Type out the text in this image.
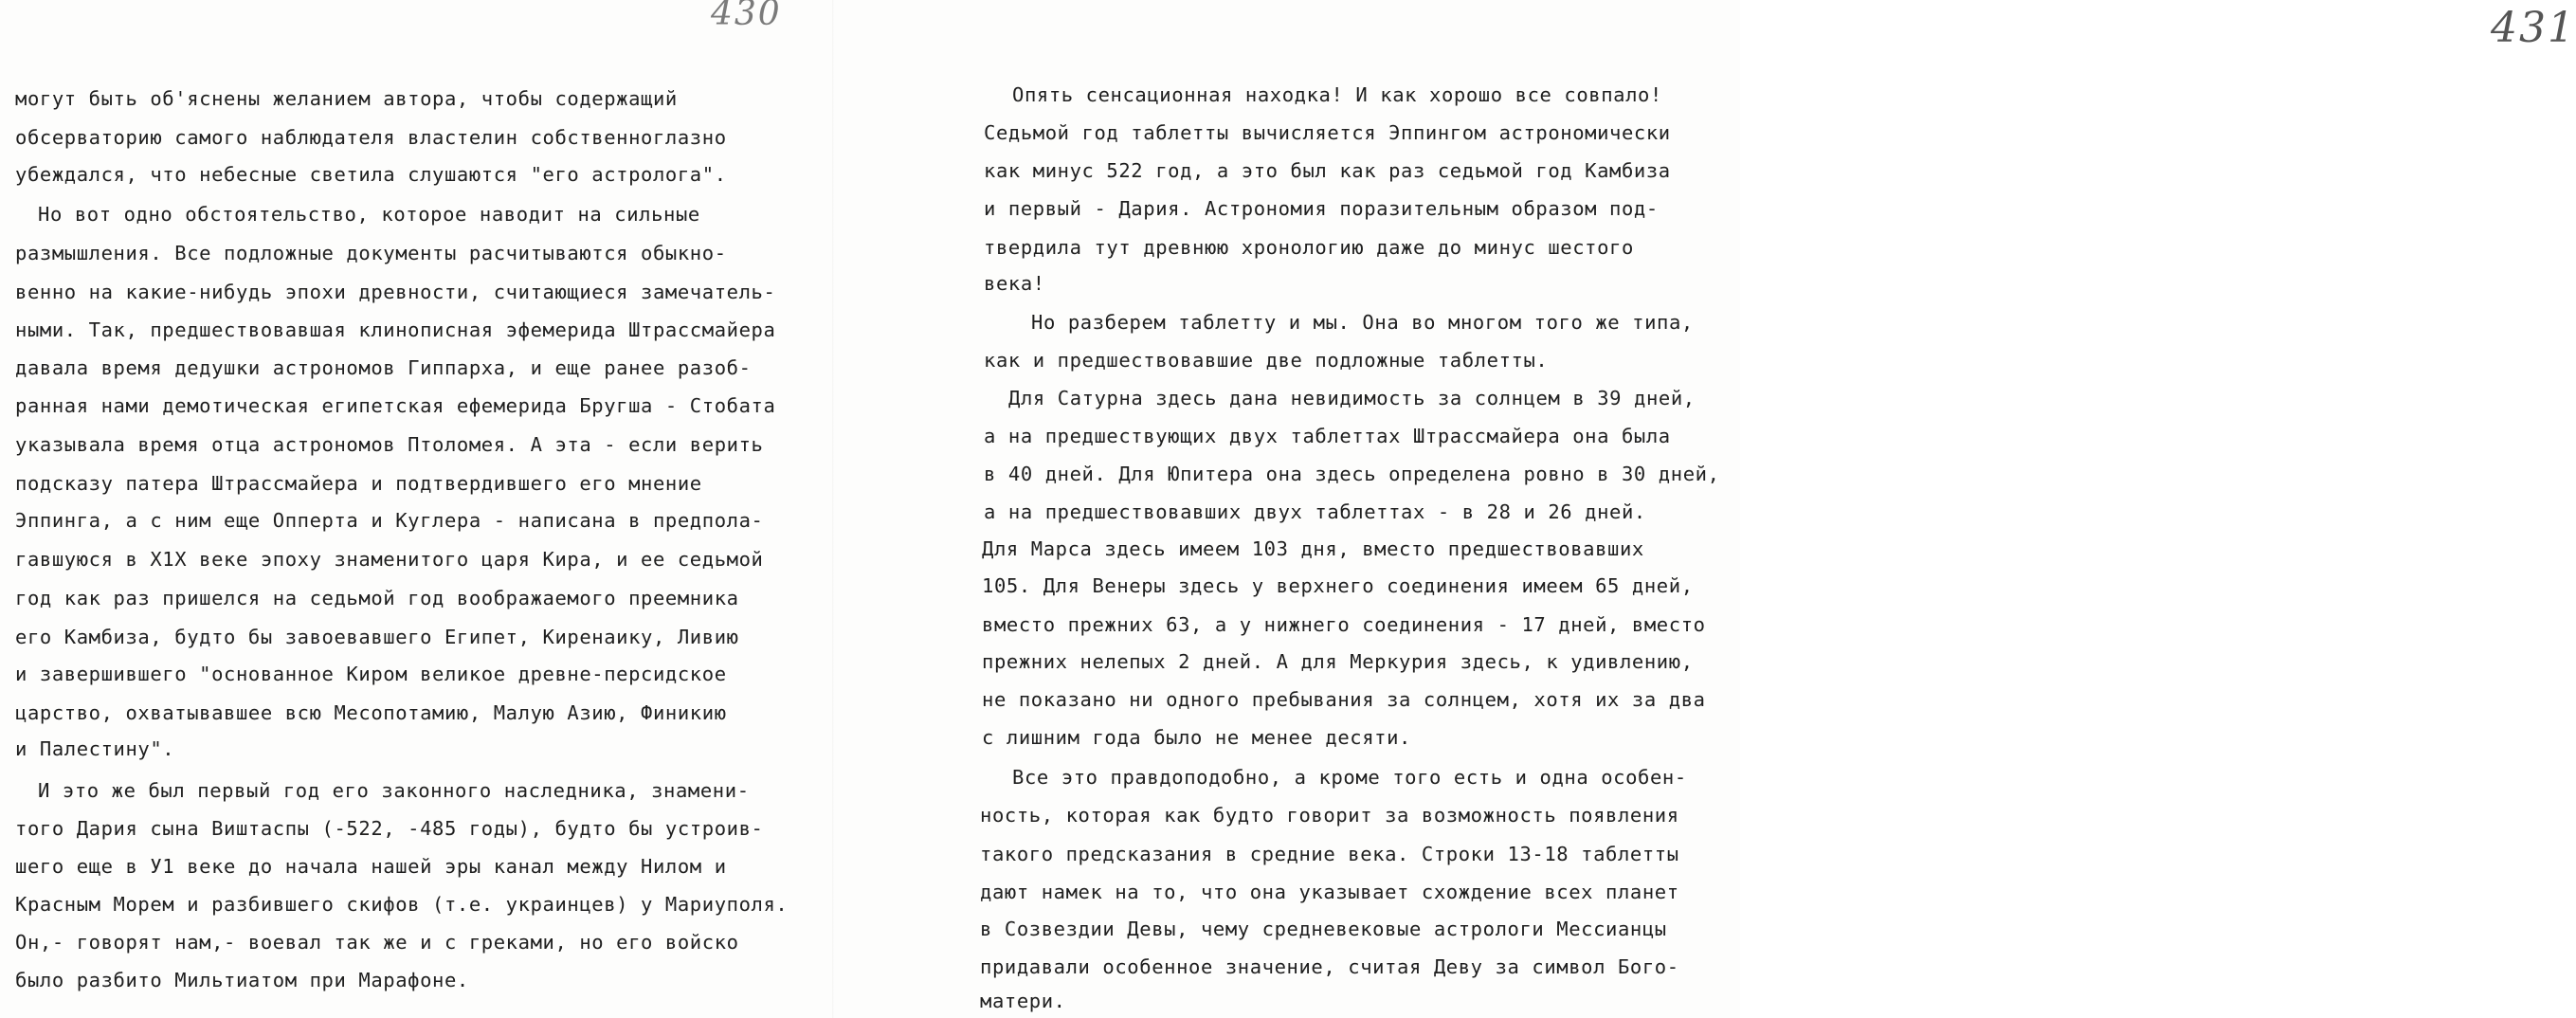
430
могут быть об'яснены желанием автора, чтобы содержащий
обсерваторию самого наблюдателя властелин собственноглазно
убеждался, что небесные светила слушаются "его астролога".
Но вот одно обстоятельство, которое наводит на сильные
размышления. Все подложные документы расчитываются обыкно-
венно на какие-нибудь эпохи древности, считающиеся замечатель-
ными. Так, предшествовавшая клинописная эфемерида Штрассмайера
давала время дедушки астрономов Гиппарха, и еще ранее разоб-
ранная нами демотическая египетская ефемерида Бругша - Стобата
указывала время отца астрономов Птоломея. А эта - если верить
подсказу патера Штрассмайера и подтвердившего его мнение
Эппинга, а с ним еще Опперта и Куглера - написана в предпола-
гавшуюся в Х1Х веке эпоху знаменитого царя Кира, и ее седьмой
год как раз пришелся на седьмой год воображаемого преемника
его Камбиза, будто бы завоевавшего Египет, Киренаику, Ливию
и завершившего "основанное Киром великое древне-персидское
царство, охватывавшее всю Месопотамию, Малую Азию, Финикию
и Палестину".
И это же был первый год его законного наследника, знамени-
того Дария сына Виштаспы (-522, -485 годы), будто бы устроив-
шего еще в У1 веке до начала нашей эры канал между Нилом и
Красным Морем и разбившего скифов (т.е. украинцев) у Мариуполя.
Он,- говорят нам,- воевал так же и с греками, но его войско
было разбито Мильтиатом при Марафоне.
431
Опять сенсационная находка! И как хорошо все совпало!
Седьмой год таблетты вычисляется Эппингом астрономически
как минус 522 год, а это был как раз седьмой год Камбиза
и первый - Дария. Астрономия поразительным образом под-
твердила тут древнюю хронологию даже до минус шестого
века!
Но разберем таблетту и мы. Она во многом того же типа,
как и предшествовавшие две подложные таблетты.
Для Сатурна здесь дана невидимость за солнцем в 39 дней,
а на предшествующих двух таблеттах Штрассмайера она была
в 40 дней. Для Юпитера она здесь определена ровно в 30 дней,
а на предшествовавших двух таблеттах - в 28 и 26 дней.
Для Марса здесь имеем 103 дня, вместо предшествовавших
105. Для Венеры здесь у верхнего соединения имеем 65 дней,
вместо прежних 63, а у нижнего соединения - 17 дней, вместо
прежних нелепых 2 дней. А для Меркурия здесь, к удивлению,
не показано ни одного пребывания за солнцем, хотя их за два
с лишним года было не менее десяти.
Все это правдоподобно, а кроме того есть и одна особен-
ность, которая как будто говорит за возможность появления
такого предсказания в средние века. Строки 13-18 таблетты
дают намек на то, что она указывает схождение всех планет
в Созвездии Девы, чему средневековые астрологи Мессианцы
придавали особенное значение, считая Деву за символ Бого-
матери.
